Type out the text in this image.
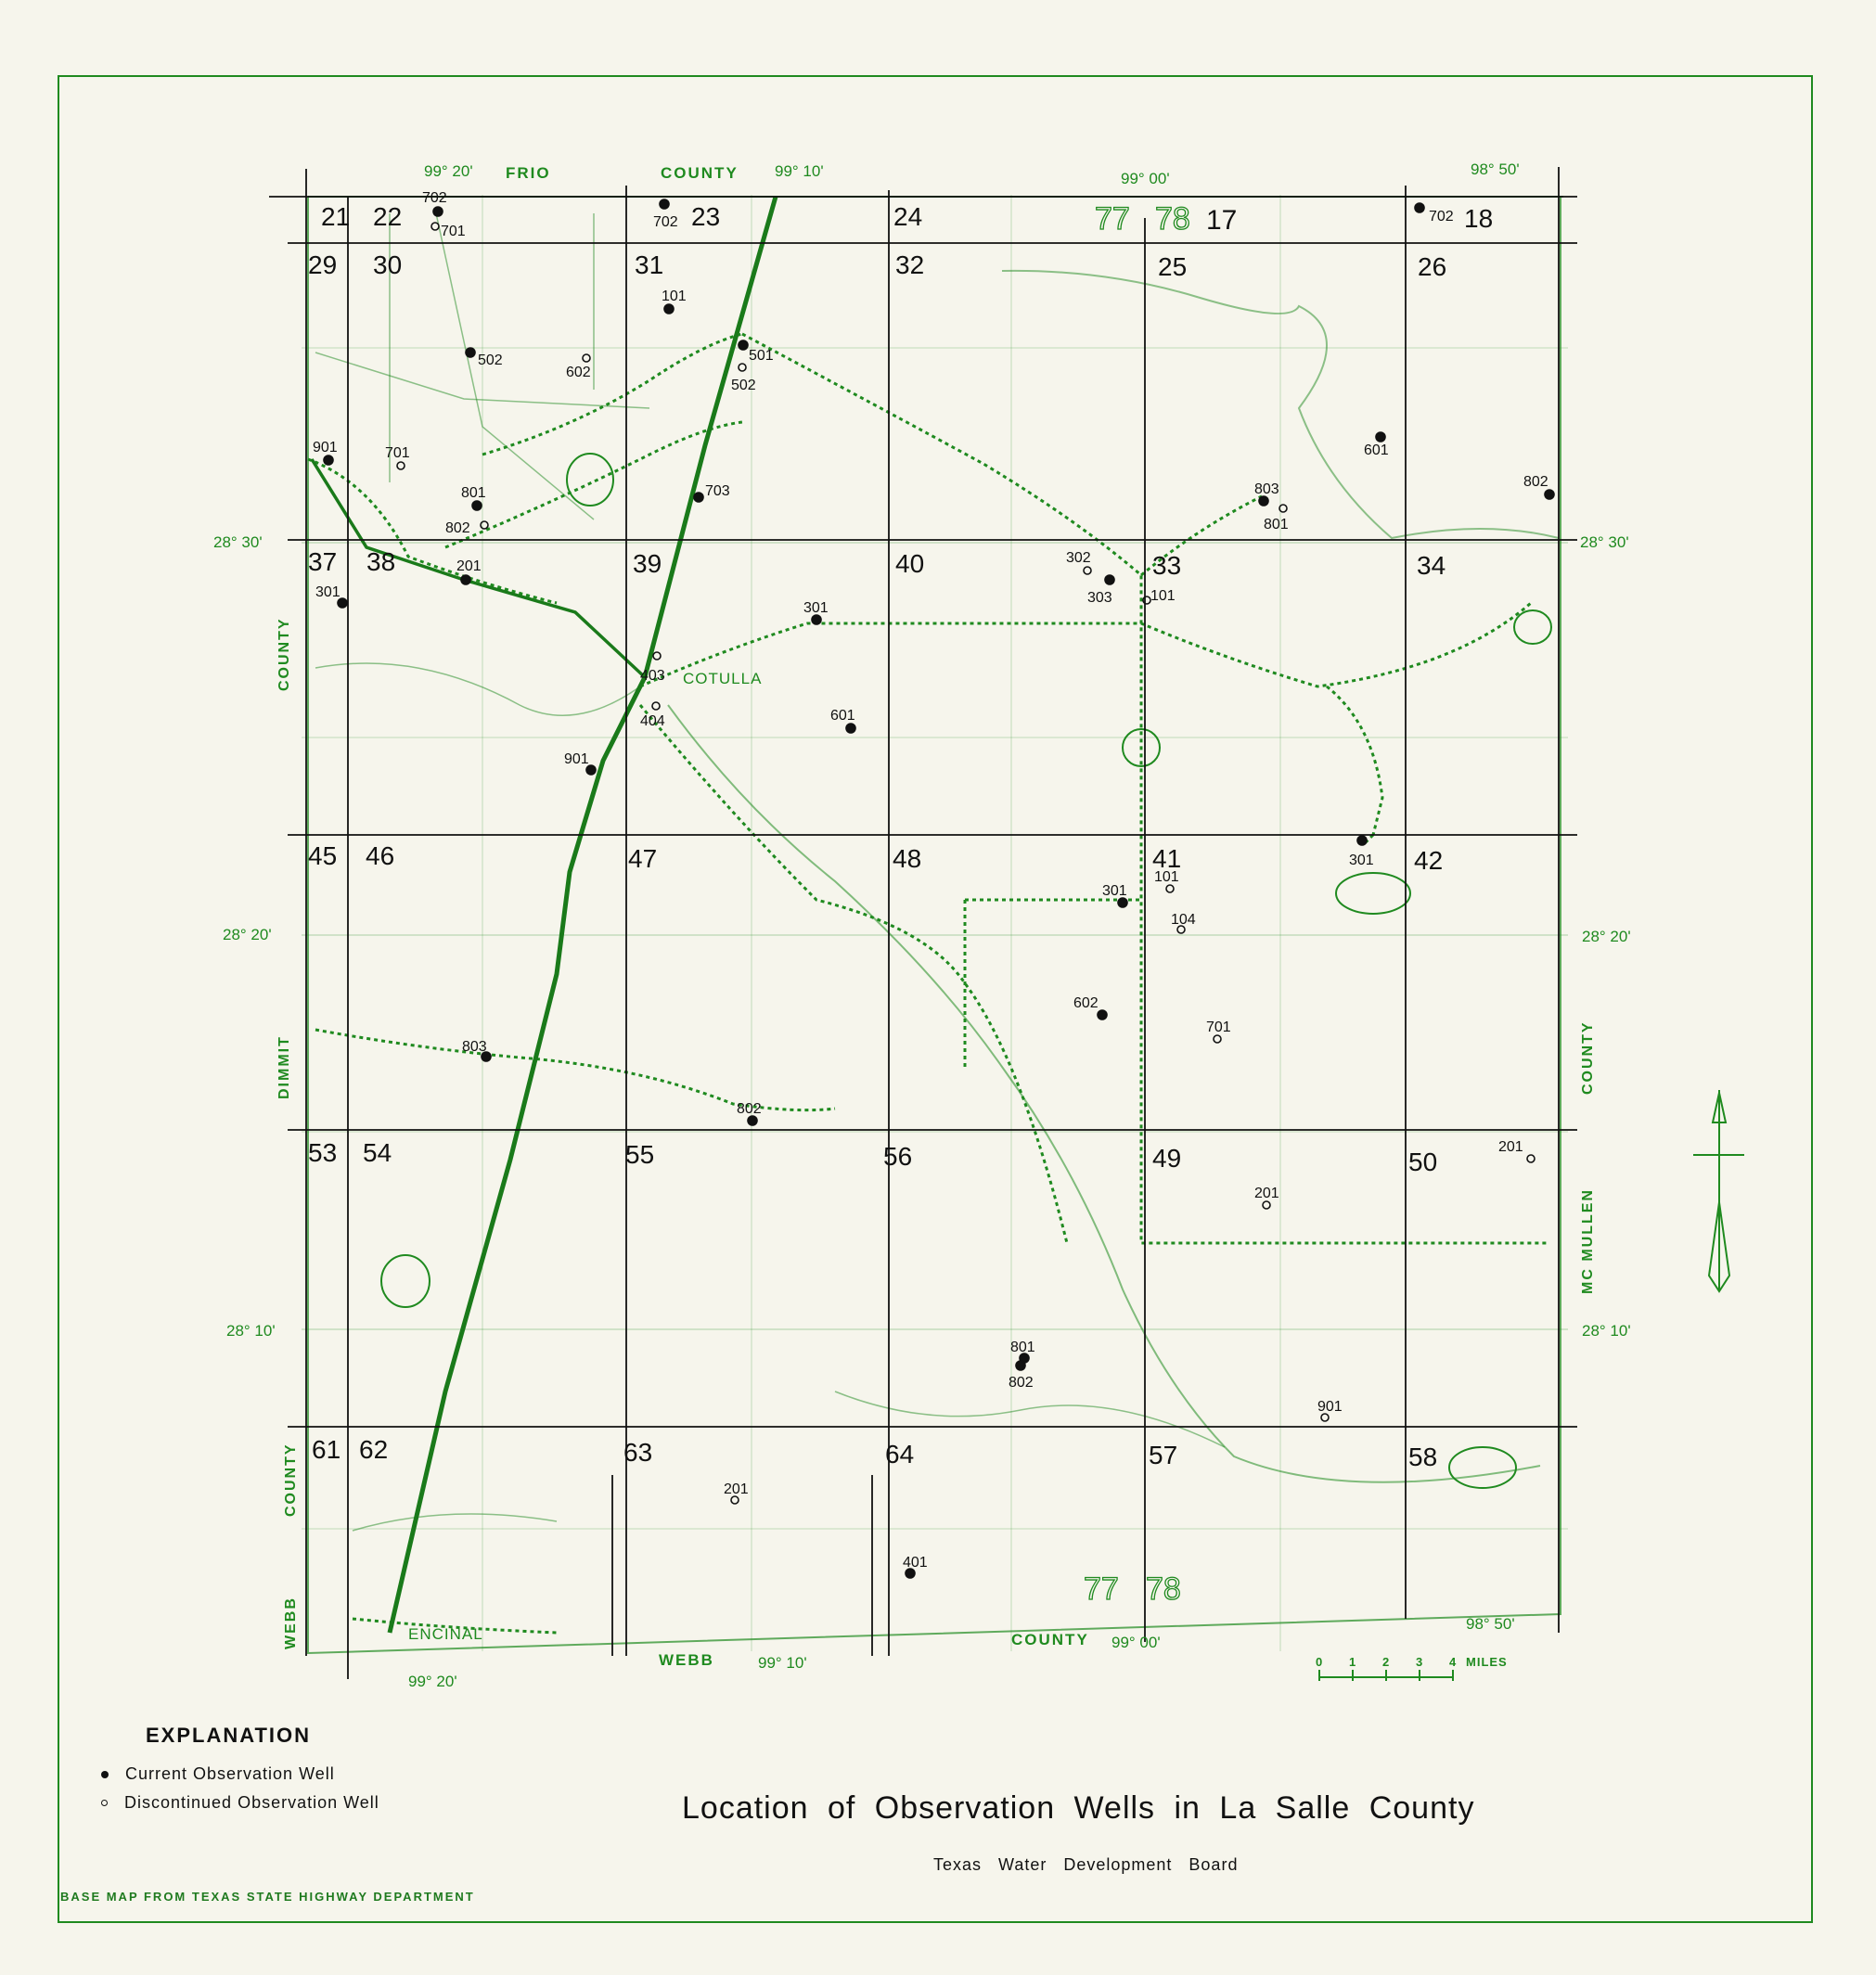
99° 20'	99° 10'	99° 00'
98° 50'
99° 20'
99° 10'
99° 00'
98° 50'
28° 30'
28° 20'
28° 10'
28° 30'
28° 20'
28° 10'
FRIO	COUNTY
WEBB
COUNTY
COUNTY
DIMMIT
COUNTY
WEBB
COUNTY
MC MULLEN
COTULLA
ENCINAL
77 78 17
77 78
21 22	23	24
29 30	31	32	25	26
18
37 38	39	40	33	34
45 46	47	48	41	42
53 54	55	56	49	50
61 62	63	64	57	58
702
701
702	702
101
502
602
501
502
901	701
801
802
703
601
803
801
802
301
201
302
303	101
301
403
404	601
901
301
301
101
104
602
701
803
802
201
201
801
802
901
201
401
0 1 2 3 4 MILES
EXPLANATION
Current Observation Well
Discontinued Observation Well	Location of Observation Wells in La Salle County
Texas Water Development Board
BASE MAP FROM TEXAS STATE HIGHWAY DEPARTMENT
